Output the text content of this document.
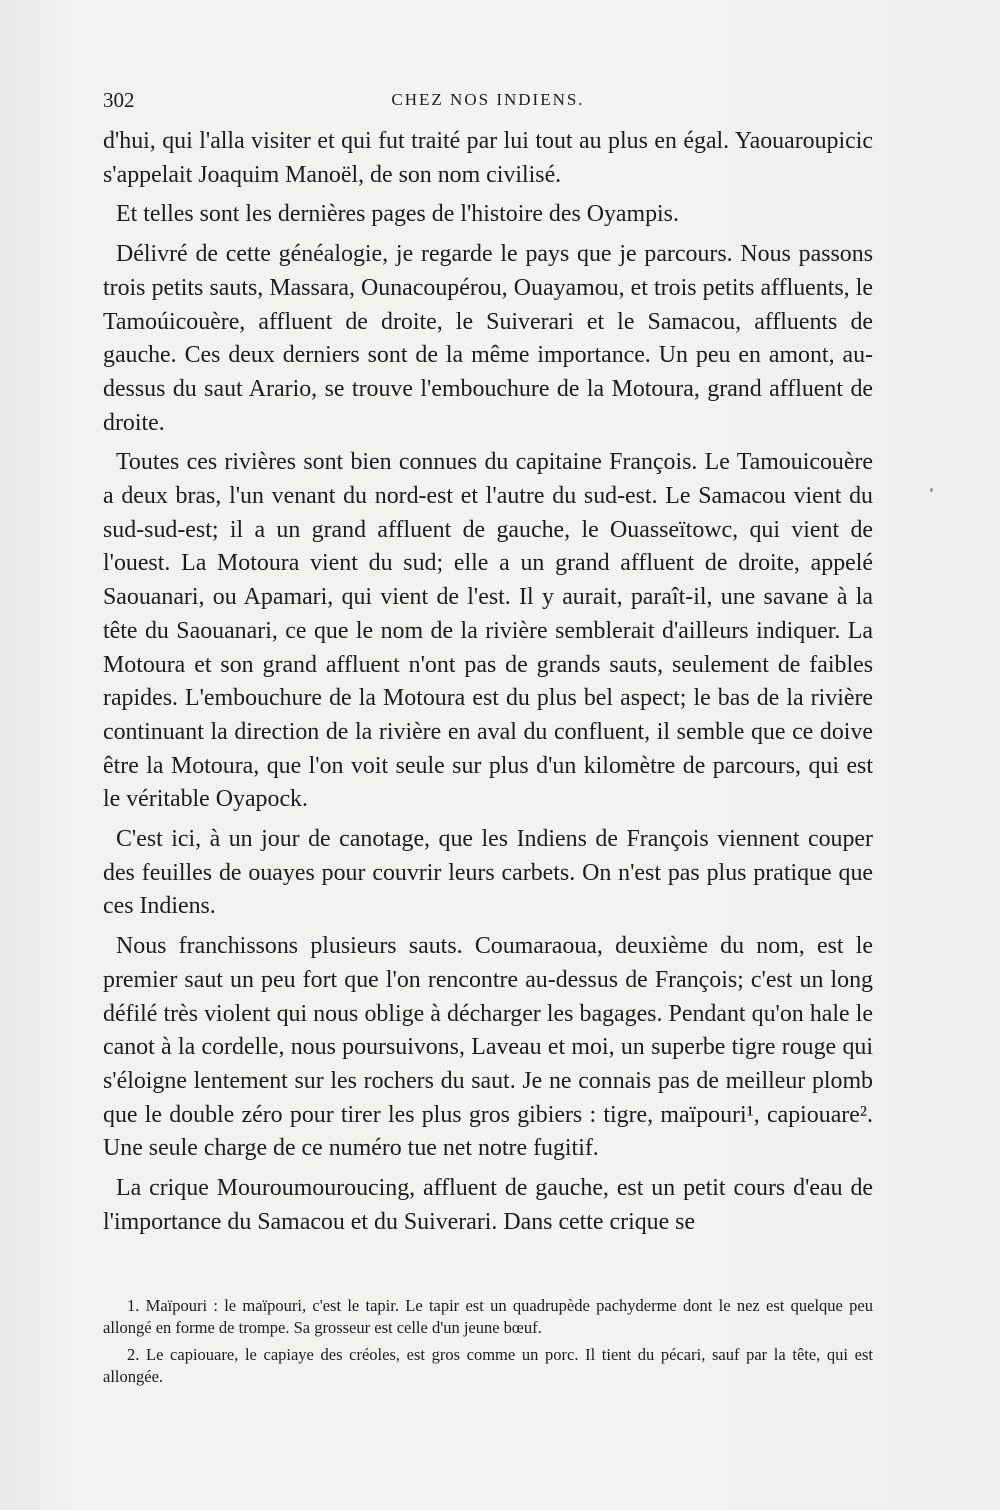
302	CHEZ NOS INDIENS.

d'hui, qui l'alla visiter et qui fut traité par lui tout au plus en égal. Yaouaroupicic s'appelait Joaquim Manoël, de son nom civilisé.

Et telles sont les dernières pages de l'histoire des Oyampis.

Délivré de cette généalogie, je regarde le pays que je parcours. Nous passons trois petits sauts, Massara, Ounacoupérou, Ouayamou, et trois petits affluents, le Tamoúicouère, affluent de droite, le Suiverari et le Samacou, affluents de gauche. Ces deux derniers sont de la même importance. Un peu en amont, au-dessus du saut Arario, se trouve l'embouchure de la Motoura, grand affluent de droite.

Toutes ces rivières sont bien connues du capitaine François. Le Tamouicouère a deux bras, l'un venant du nord-est et l'autre du sud-est. Le Samacou vient du sud-sud-est; il a un grand affluent de gauche, le Ouasseïtowc, qui vient de l'ouest. La Motoura vient du sud; elle a un grand affluent de droite, appelé Saouanari, ou Apamari, qui vient de l'est. Il y aurait, paraît-il, une savane à la tête du Saouanari, ce que le nom de la rivière semblerait d'ailleurs indiquer. La Motoura et son grand affluent n'ont pas de grands sauts, seulement de faibles rapides. L'embouchure de la Motoura est du plus bel aspect; le bas de la rivière continuant la direction de la rivière en aval du confluent, il semble que ce doive être la Motoura, que l'on voit seule sur plus d'un kilomètre de parcours, qui est le véritable Oyapock.

C'est ici, à un jour de canotage, que les Indiens de François viennent couper des feuilles de ouayes pour couvrir leurs carbets. On n'est pas plus pratique que ces Indiens.

Nous franchissons plusieurs sauts. Coumaraoua, deuxième du nom, est le premier saut un peu fort que l'on rencontre au-dessus de François; c'est un long défilé très violent qui nous oblige à décharger les bagages. Pendant qu'on hale le canot à la cordelle, nous poursuivons, Laveau et moi, un superbe tigre rouge qui s'éloigne lentement sur les rochers du saut. Je ne connais pas de meilleur plomb que le double zéro pour tirer les plus gros gibiers : tigre, maïpouri¹, capiouare². Une seule charge de ce numéro tue net notre fugitif.

La crique Mouroumouroucing, affluent de gauche, est un petit cours d'eau de l'importance du Samacou et du Suiverari. Dans cette crique se

1. Maïpouri : le maïpouri, c'est le tapir. Le tapir est un quadrupède pachyderme dont le nez est quelque peu allongé en forme de trompe. Sa grosseur est celle d'un jeune bœuf.

2. Le capiouare, le capiaye des créoles, est gros comme un porc. Il tient du pécari, sauf par la tête, qui est allongée.
